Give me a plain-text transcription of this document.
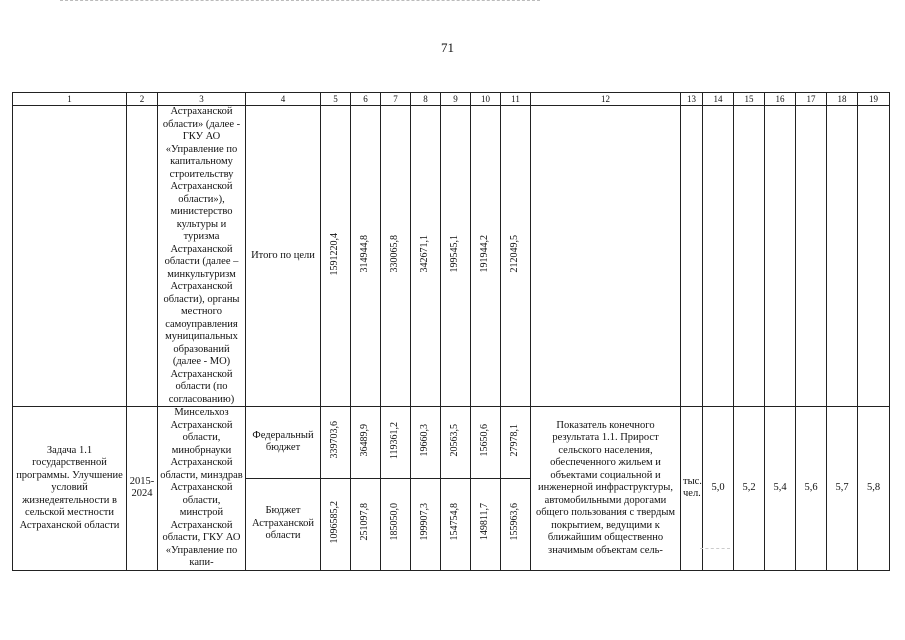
71
1	2	3	4	5	6	7	8	9	10	11	12	13	14	15	16	17	18	19
		Астраханской области» (далее - ГКУ АО «Управление по капитальному строительству Астраханской области»), министерство культуры и туризма Астраханской области (далее – минкультуризм Астраханской области), органы местного самоуправления муниципальных образований (далее - МО) Астраханской области (по согласованию)	Итого по цели	1591220,4	314944,8	330065,8	342671,1	199545,1	191944,2	212049,5								
Задача 1.1 государственной программы. Улучшение условий жизнедеятельности в сельской местности Астраханской области	2015-2024	Минсельхоз Астраханской области, минобрнауки Астраханской области, минздрав Астраханской области, минстрой Астраханской области, ГКУ АО «Управление по капи-	Федеральный бюджет	339703,6	36489,9	119361,2	19660,3	20563,5	15650,6	27978,1	Показатель конечного результата 1.1. Прирост сельского населения, обеспеченного жильем и объектами социальной и инженерной инфраструктуры, автомобильными дорогами общего пользования с твердым покрытием, ведущими к ближайшим общественно значимым объектам сель-	тыс. чел.	5,0	5,2	5,4	5,6	5,7	5,8
			Бюджет Астраханской области	1096585,2	251097,8	185050,0	199907,3	154754,8	149811,7	155963,6								
